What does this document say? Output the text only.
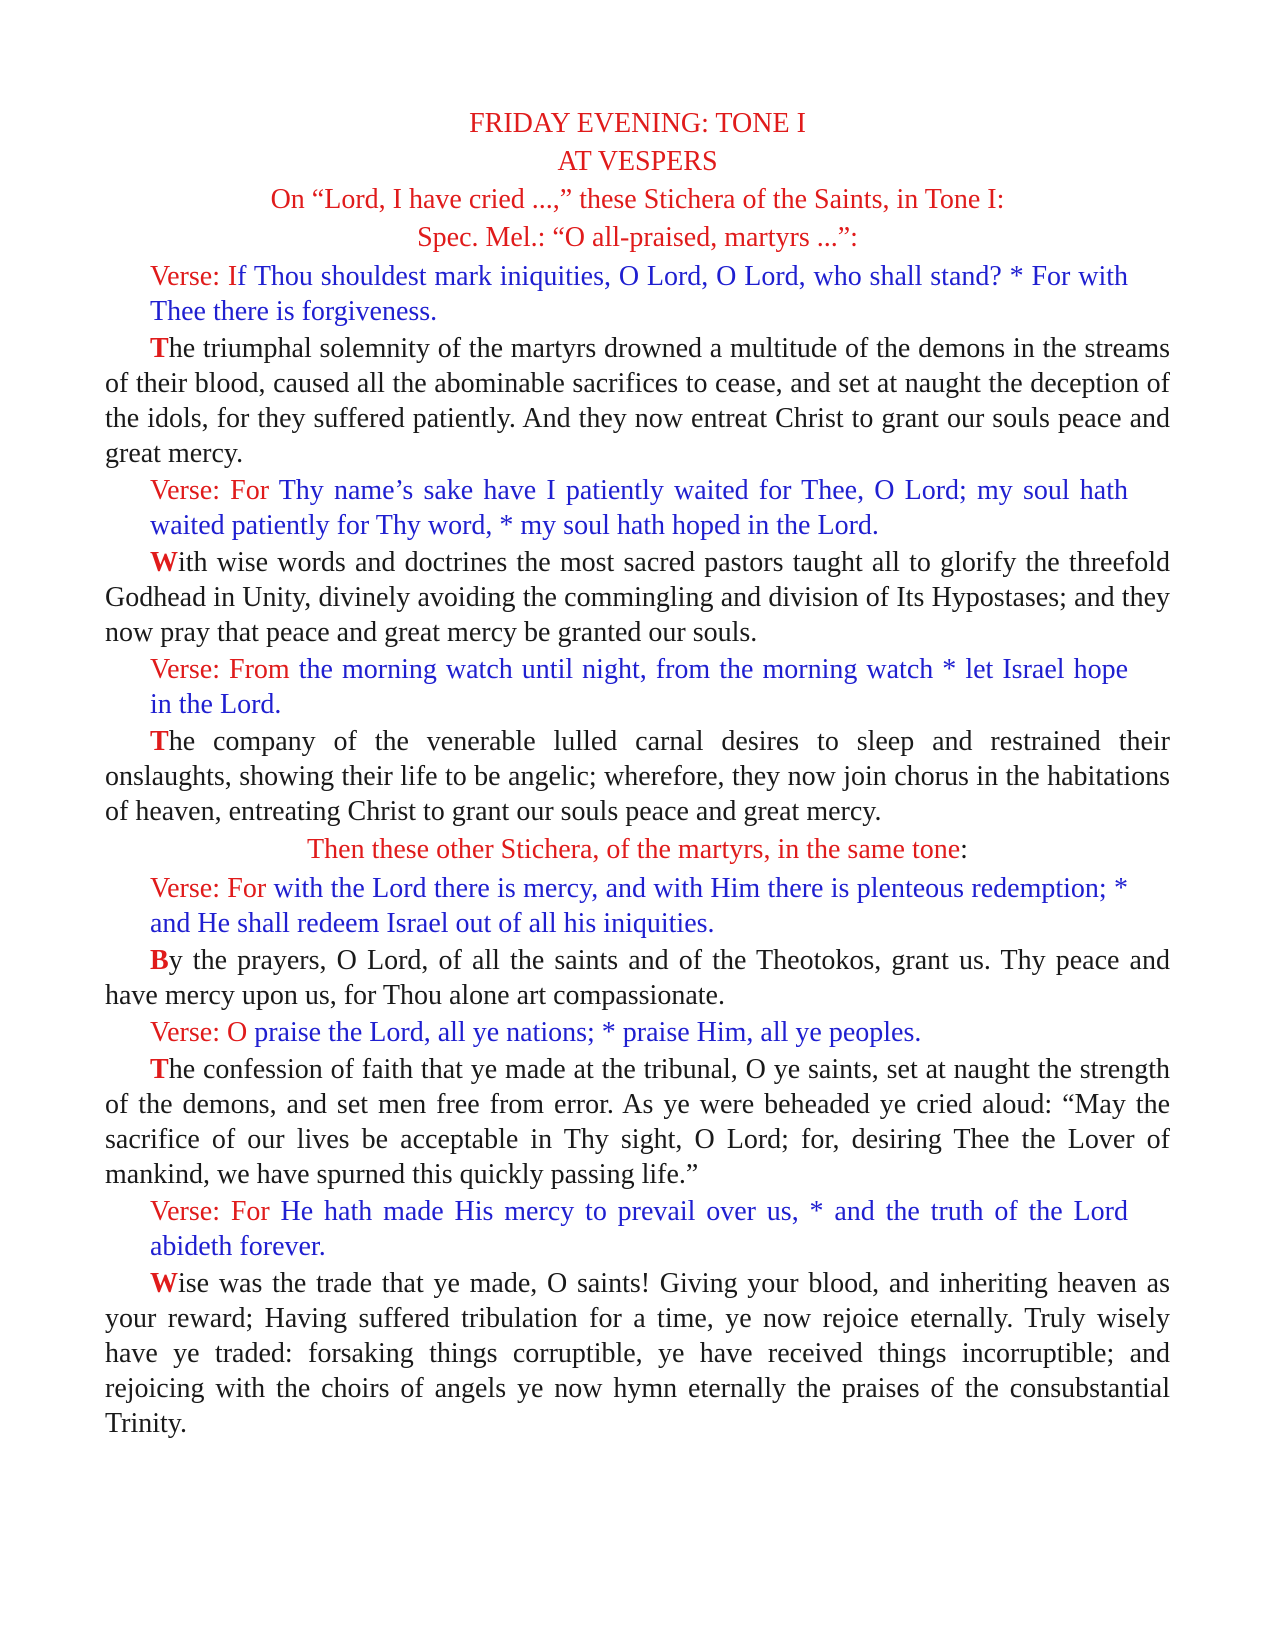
FRIDAY EVENING: TONE I
AT VESPERS
On “Lord, I have cried ...,” these Stichera of the Saints, in Tone I:
Spec. Mel.: “O all-praised, martyrs ...”:
Verse: If Thou shouldest mark iniquities, O Lord, O Lord, who shall stand? * For with Thee there is forgiveness.

The triumphal solemnity of the martyrs drowned a multitude of the demons in the streams of their blood, caused all the abominable sacrifices to cease, and set at naught the deception of the idols, for they suffered patiently. And they now entreat Christ to grant our souls peace and great mercy.

Verse: For Thy name’s sake have I patiently waited for Thee, O Lord; my soul hath waited patiently for Thy word, * my soul hath hoped in the Lord.

With wise words and doctrines the most sacred pastors taught all to glorify the threefold Godhead in Unity, divinely avoiding the commingling and division of Its Hypostases; and they now pray that peace and great mercy be granted our souls.

Verse: From the morning watch until night, from the morning watch * let Israel hope in the Lord.

The company of the venerable lulled carnal desires to sleep and restrained their onslaughts, showing their life to be angelic; wherefore, they now join chorus in the habitations of heaven, entreating Christ to grant our souls peace and great mercy.

Then these other Stichera, of the martyrs, in the same tone:
Verse: For with the Lord there is mercy, and with Him there is plenteous redemption; * and He shall redeem Israel out of all his iniquities.

By the prayers, O Lord, of all the saints and of the Theotokos, grant us. Thy peace and have mercy upon us, for Thou alone art compassionate.

Verse: O praise the Lord, all ye nations; * praise Him, all ye peoples.

The confession of faith that ye made at the tribunal, O ye saints, set at naught the strength of the demons, and set men free from error. As ye were beheaded ye cried aloud: “May the sacrifice of our lives be acceptable in Thy sight, O Lord; for, desiring Thee the Lover of mankind, we have spurned this quickly passing life.”

Verse: For He hath made His mercy to prevail over us, * and the truth of the Lord abideth forever.

Wise was the trade that ye made, O saints! Giving your blood, and inheriting heaven as your reward; Having suffered tribulation for a time, ye now rejoice eternally. Truly wisely have ye traded: forsaking things corruptible, ye have received things incorruptible; and rejoicing with the choirs of angels ye now hymn eternally the praises of the consubstantial Trinity.
